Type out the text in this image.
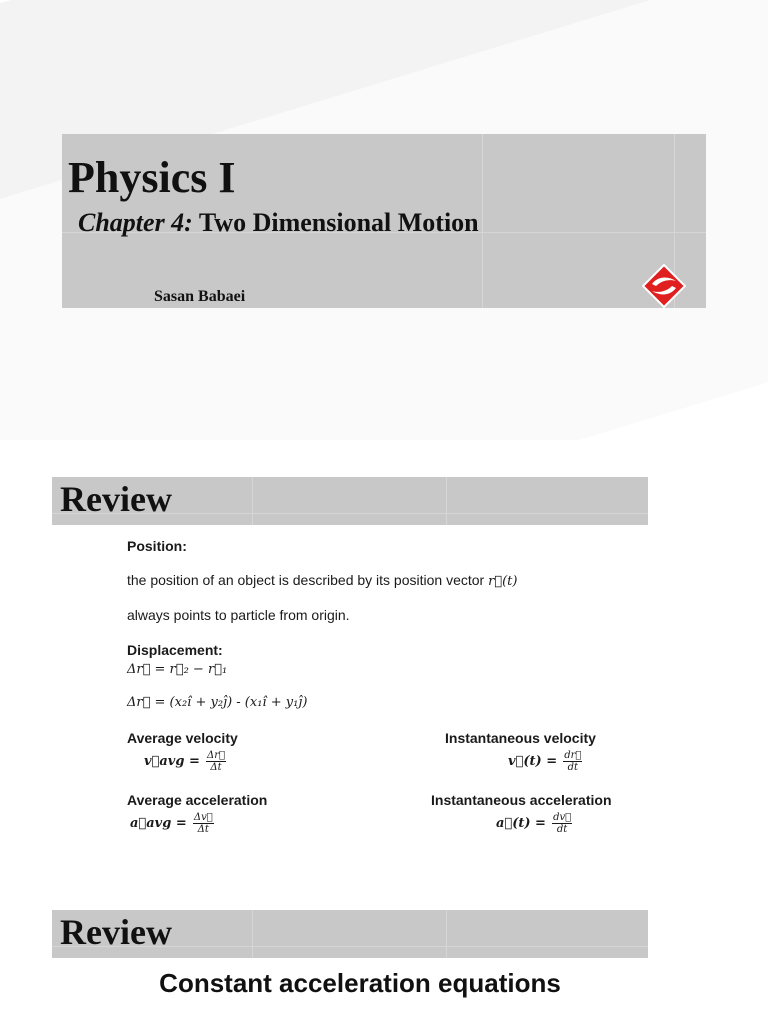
Physics I
Chapter 4: Two Dimensional Motion
Sasan Babaei
Review
Position:
the position of an object is described by its position vector r⃗(t)
always points to particle from origin.
Displacement:
Δr⃗ = r⃗₂ − r⃗₁
Δr⃗ = (x₂î + y₂ĵ) - (x₁î + y₁ĵ)
Average velocity	Instantaneous velocity
v⃗avg = $\frac{\Delta r⃗}{\Delta t}$	v⃗(t) = $\frac{dr⃗}{dt}$
Average acceleration	Instantaneous acceleration
a⃗avg = $\frac{\Delta v⃗}{\Delta t}$	a⃗(t) = $\frac{dv⃗}{dt}$
Review
Constant acceleration equations
